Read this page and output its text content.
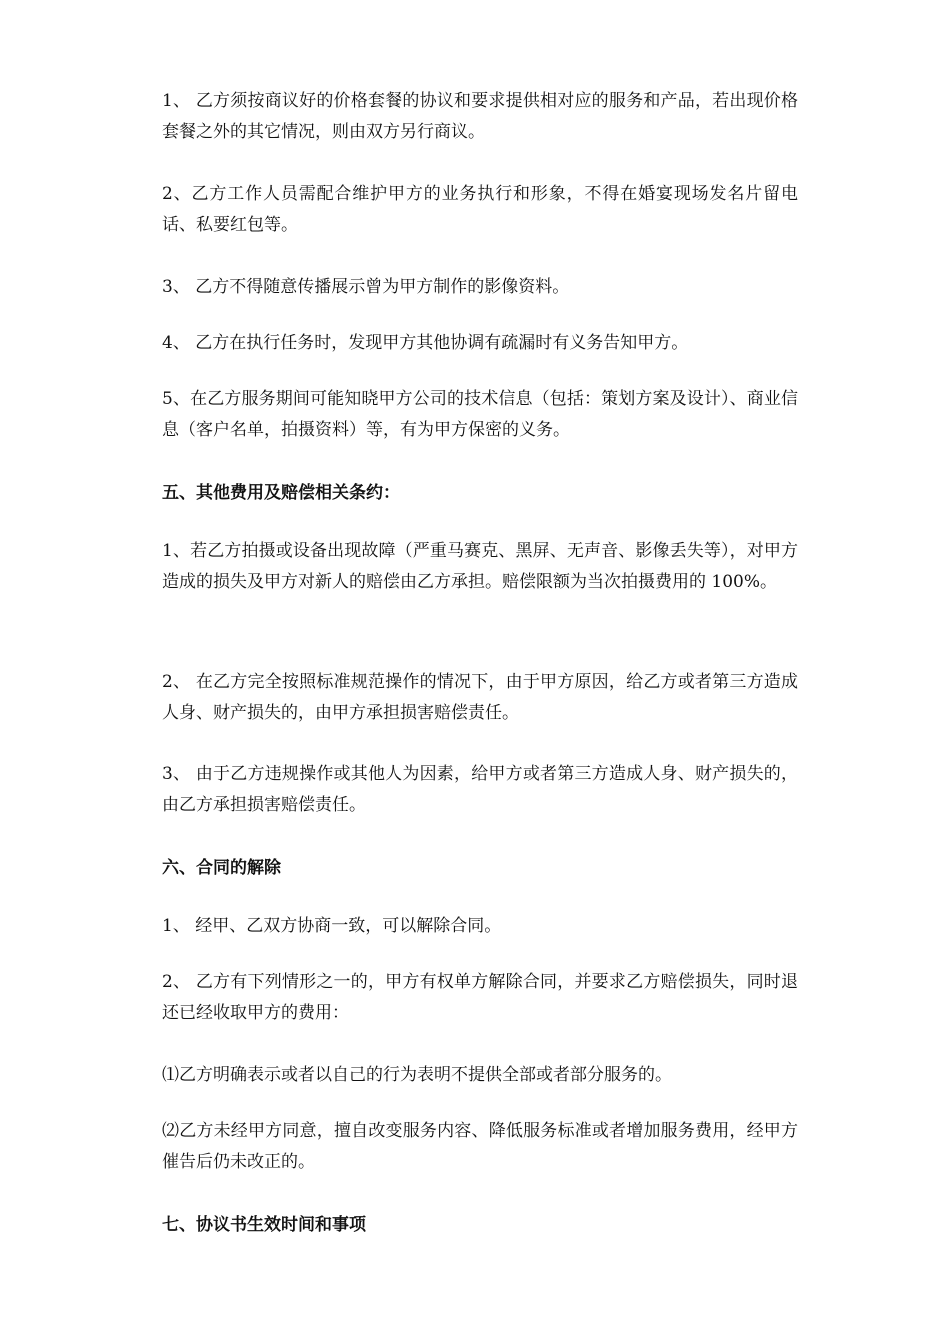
1、 乙方须按商议好的价格套餐的协议和要求提供相对应的服务和产品，若出现价格套餐之外的其它情况，则由双方另行商议。
2、乙方工作人员需配合维护甲方的业务执行和形象，不得在婚宴现场发名片留电话、私要红包等。
3、 乙方不得随意传播展示曾为甲方制作的影像资料。
4、 乙方在执行任务时，发现甲方其他协调有疏漏时有义务告知甲方。
5、在乙方服务期间可能知晓甲方公司的技术信息（包括：策划方案及设计）、商业信息（客户名单，拍摄资料）等，有为甲方保密的义务。
五、其他费用及赔偿相关条约：
1、若乙方拍摄或设备出现故障（严重马赛克、黑屏、无声音、影像丢失等），对甲方造成的损失及甲方对新人的赔偿由乙方承担。赔偿限额为当次拍摄费用的 100%。
2、 在乙方完全按照标准规范操作的情况下，由于甲方原因，给乙方或者第三方造成人身、财产损失的，由甲方承担损害赔偿责任。
3、 由于乙方违规操作或其他人为因素，给甲方或者第三方造成人身、财产损失的，由乙方承担损害赔偿责任。
六、合同的解除
1、 经甲、乙双方协商一致，可以解除合同。
2、 乙方有下列情形之一的，甲方有权单方解除合同，并要求乙方赔偿损失，同时退还已经收取甲方的费用：
⑴乙方明确表示或者以自己的行为表明不提供全部或者部分服务的。
⑵乙方未经甲方同意，擅自改变服务内容、降低服务标准或者增加服务费用，经甲方催告后仍未改正的。
七、协议书生效时间和事项
